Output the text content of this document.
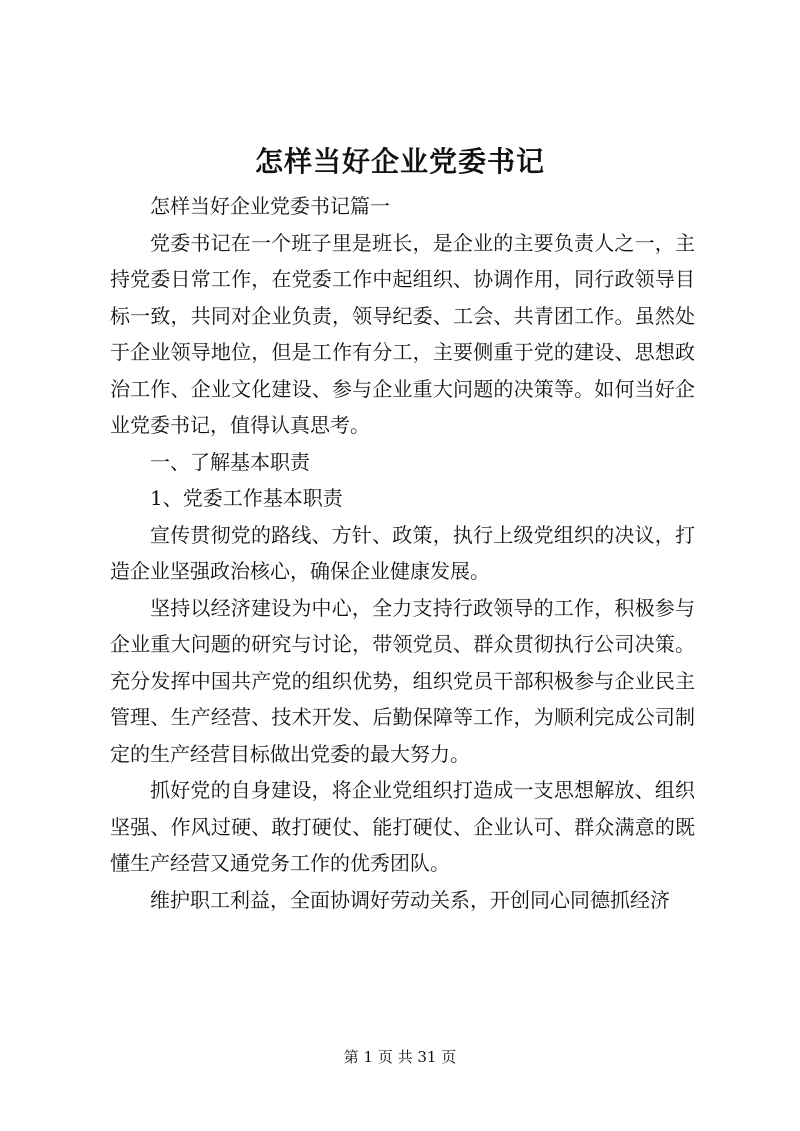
怎样当好企业党委书记

怎样当好企业党委书记篇一

党委书记在一个班子里是班长，是企业的主要负责人之一，主持党委日常工作，在党委工作中起组织、协调作用，同行政领导目标一致，共同对企业负责，领导纪委、工会、共青团工作。虽然处于企业领导地位，但是工作有分工，主要侧重于党的建设、思想政治工作、企业文化建设、参与企业重大问题的决策等。如何当好企业党委书记，值得认真思考。

一、了解基本职责

1、党委工作基本职责

宣传贯彻党的路线、方针、政策，执行上级党组织的决议，打造企业坚强政治核心，确保企业健康发展。

坚持以经济建设为中心，全力支持行政领导的工作，积极参与企业重大问题的研究与讨论，带领党员、群众贯彻执行公司决策。充分发挥中国共产党的组织优势，组织党员干部积极参与企业民主管理、生产经营、技术开发、后勤保障等工作，为顺利完成公司制定的生产经营目标做出党委的最大努力。

抓好党的自身建设，将企业党组织打造成一支思想解放、组织坚强、作风过硬、敢打硬仗、能打硬仗、企业认可、群众满意的既懂生产经营又通党务工作的优秀团队。

维护职工利益，全面协调好劳动关系，开创同心同德抓经济

第 1 页 共 31 页
